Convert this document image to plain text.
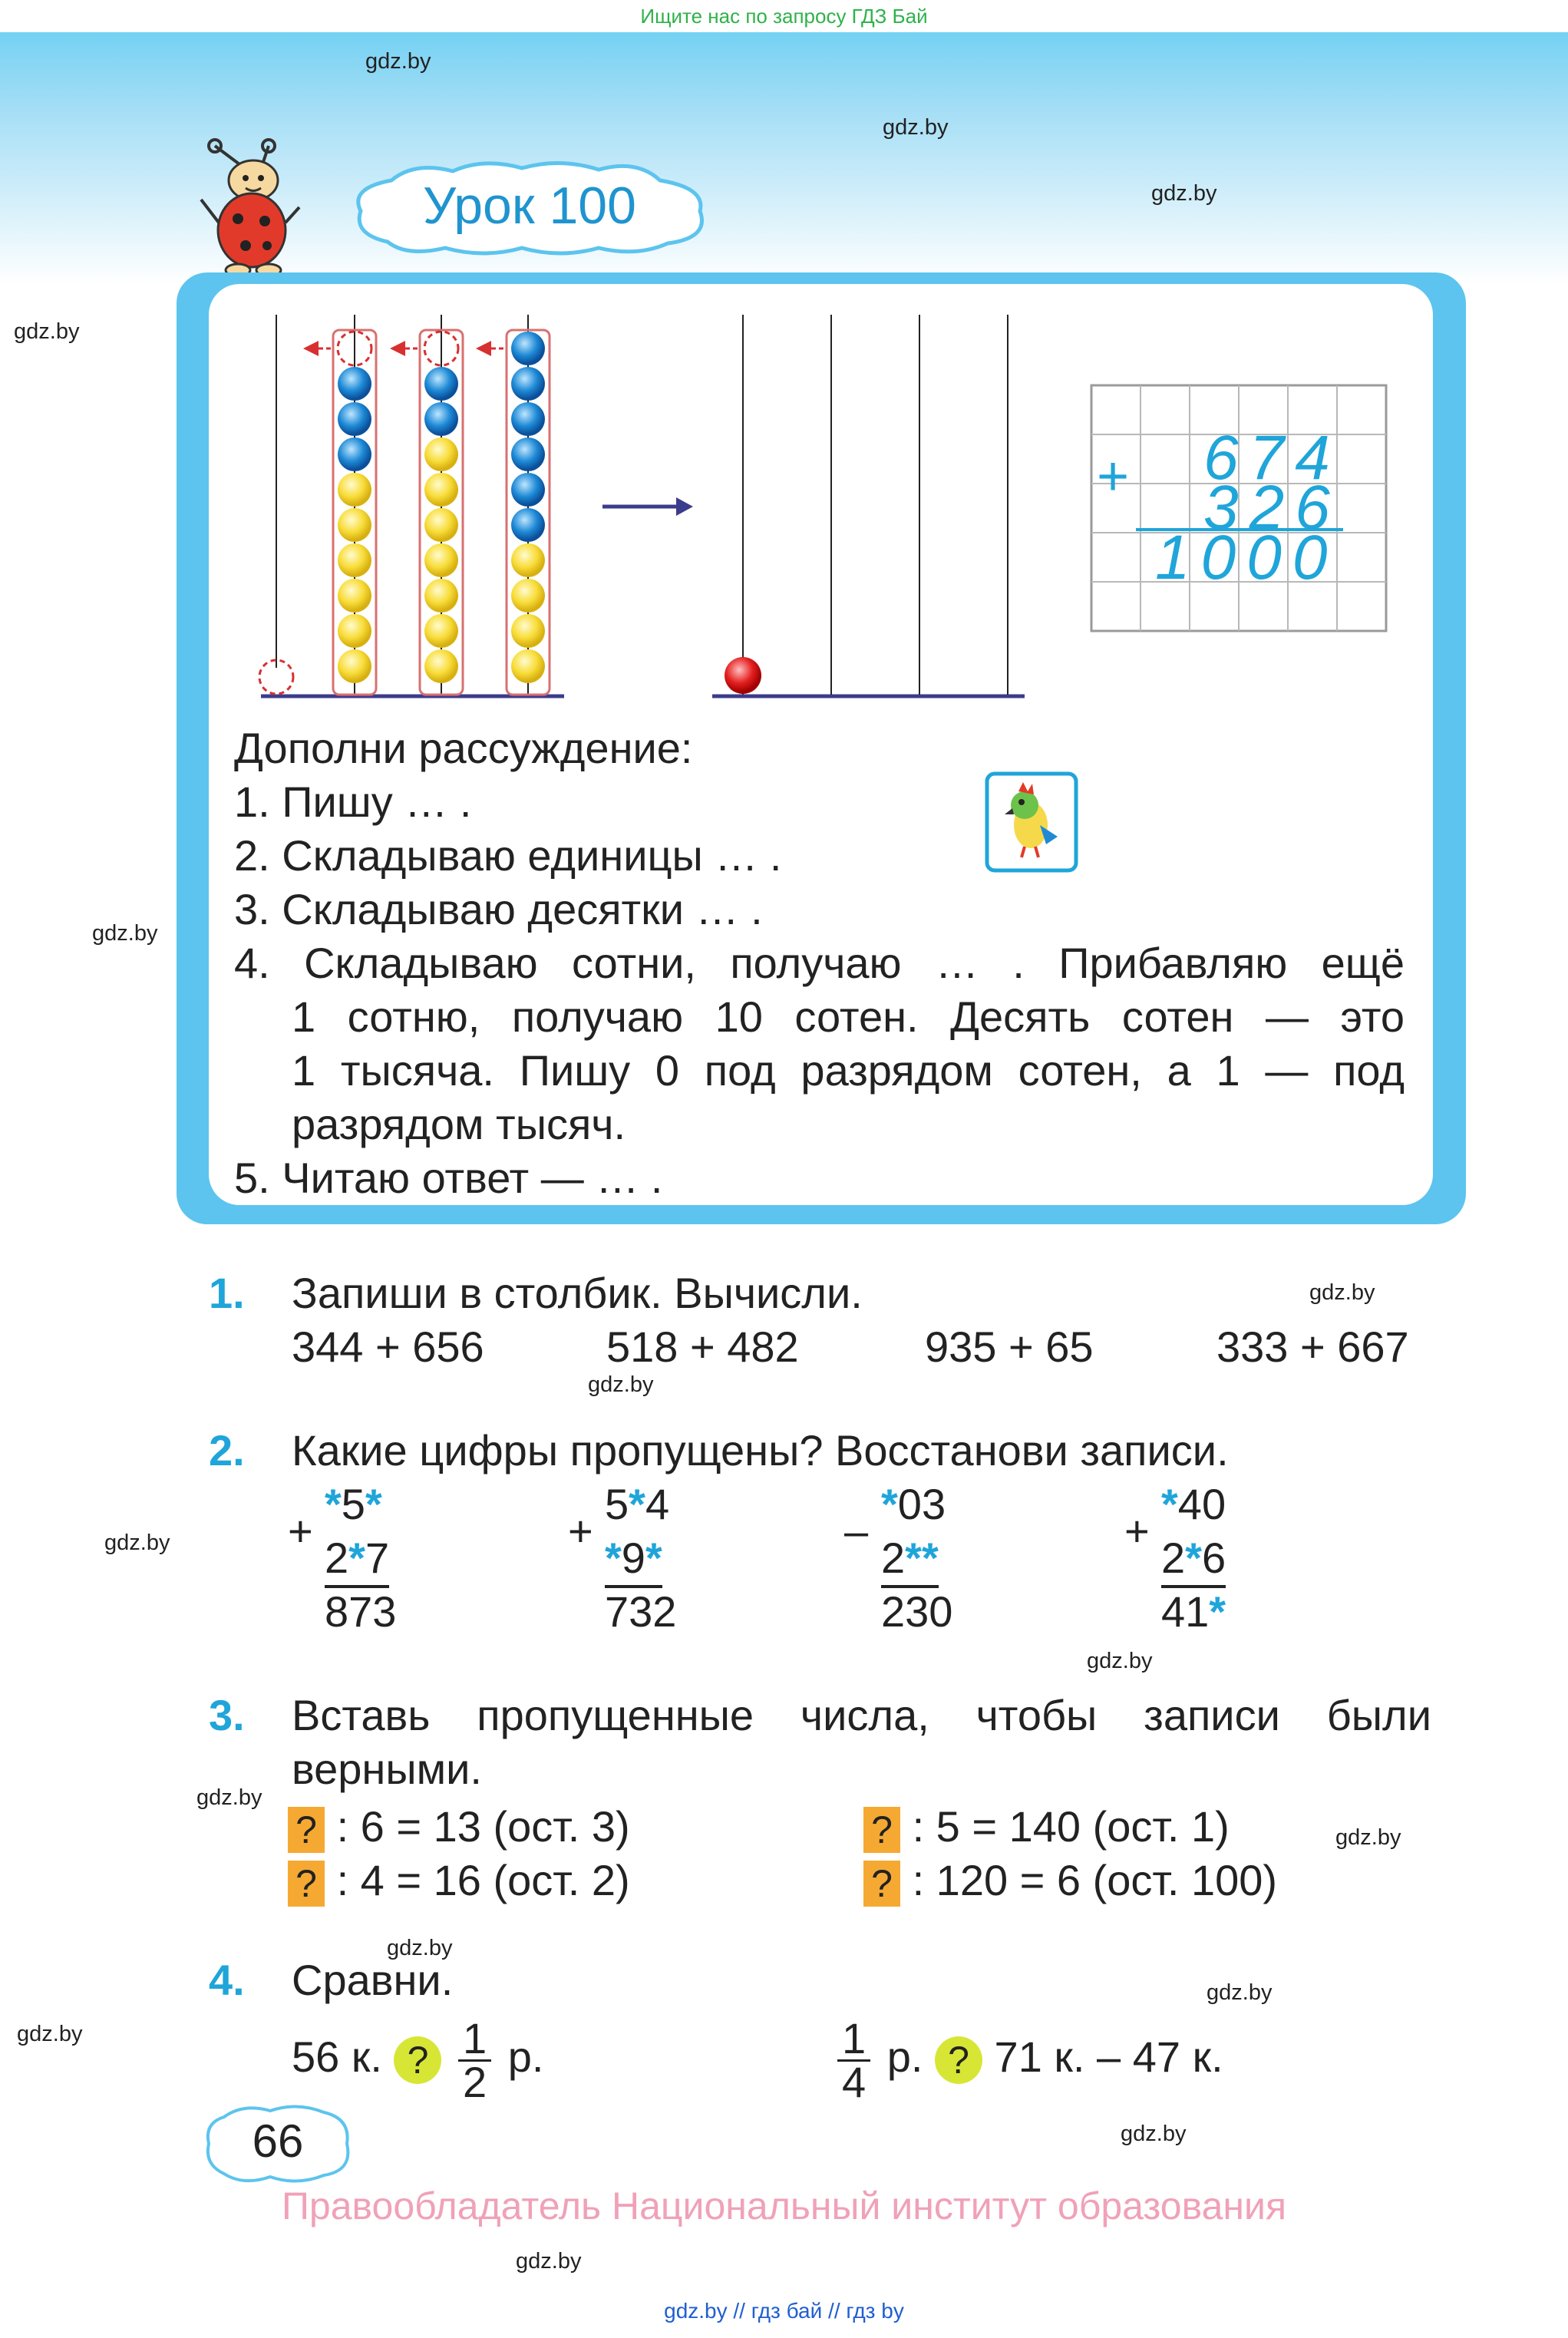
Ищите нас по запросу ГДЗ Бай
gdz.by
gdz.by
gdz.by
gdz.by
gdz.by
gdz.by
gdz.by
gdz.by
gdz.by
gdz.by
gdz.by
gdz.by
gdz.by
gdz.by
gdz.by
gdz.by
Урок 100
+ 674
326
1000
Дополни рассуждение:
1. Пишу … .
2. Складываю единицы … .
3. Складываю десятки … .
4. Складываю сотни, получаю … . Прибавляю ещё
1 сотню, получаю 10 сотен. Десять сотен — это
1 тысяча. Пишу 0 под разрядом сотен, а 1 — под
разрядом тысяч.
5. Читаю ответ — … .
1. Запиши в столбик. Вычисли.
344 + 656	518 + 482	935 + 65	333 + 667
2. Какие цифры пропущены? Восстанови записи.
+
*5*
2*7
873
+
5*4
*9*
732
–
*03
2**
230
+
*40
2*6
41*
3. Вставь пропущенные числа, чтобы записи были
верными.
? : 6 = 13 (ост. 3)	? : 5 = 140 (ост. 1)
? : 4 = 16 (ост. 2)	? : 120 = 6 (ост. 100)
4. Сравни.
56 к. ? $\frac{1}{2} р$.	$\frac{1}{4} р$. ? 71 к. – 47 к.
66
Правообладатель Национальный институт образования
gdz.by // гдз бай // гдз by
